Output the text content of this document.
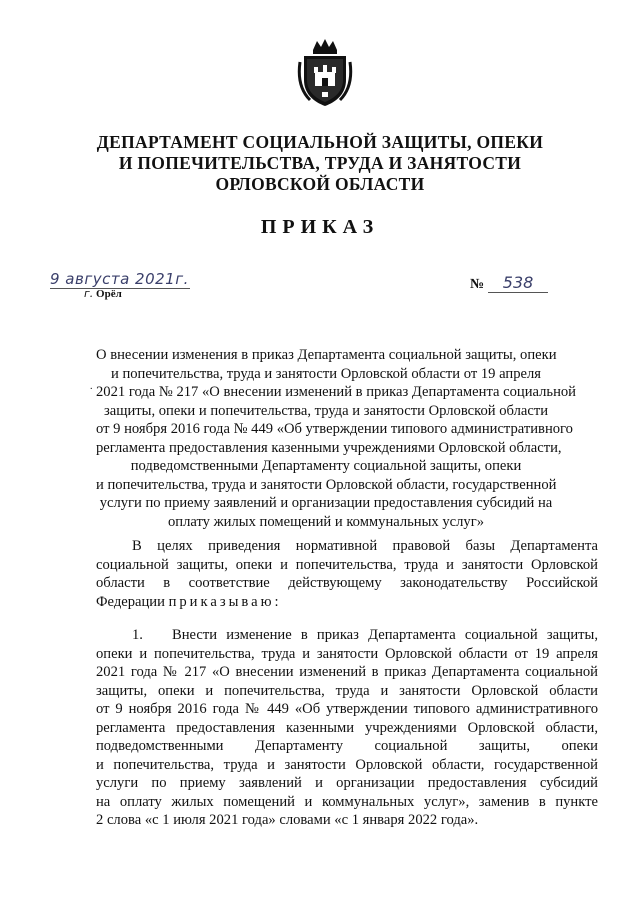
ДЕПАРТАМЕНТ СОЦИАЛЬНОЙ ЗАЩИТЫ, ОПЕКИ
И ПОПЕЧИТЕЛЬСТВА, ТРУДА И ЗАНЯТОСТИ
ОРЛОВСКОЙ ОБЛАСТИ
ПРИКАЗ
9 августа 2021г.
г. Орёл
№ 538
.
О внесении изменения в приказ Департамента социальной защиты, опеки
и попечительства, труда и занятости Орловской области от 19 апреля
2021 года № 217 «О внесении изменений в приказ Департамента социальной
защиты, опеки и попечительства, труда и занятости Орловской области
от 9 ноября 2016 года № 449 «Об утверждении типового административного
регламента предоставления казенными учреждениями Орловской области,
подведомственными Департаменту социальной защиты, опеки
и попечительства, труда и занятости Орловской области, государственной
услуги по приему заявлений и организации предоставления субсидий на
оплату жилых помещений и коммунальных услуг»
В целях приведения нормативной правовой базы Департамента
социальной защиты, опеки и попечительства, труда и занятости Орловской
области в соответствие действующему законодательству Российской
Федерации приказываю:
1.	Внести изменение в приказ Департамента социальной защиты,
опеки и попечительства, труда и занятости Орловской области от 19 апреля
2021 года № 217 «О внесении изменений в приказ Департамента социальной
защиты, опеки и попечительства, труда и занятости Орловской области
от 9 ноября 2016 года № 449 «Об утверждении типового административного
регламента предоставления казенными учреждениями Орловской области,
подведомственными Департаменту социальной защиты, опеки
и попечительства, труда и занятости Орловской области, государственной
услуги по приему заявлений и организации предоставления субсидий
на оплату жилых помещений и коммунальных услуг», заменив в пункте
2 слова «с 1 июля 2021 года» словами «с 1 января 2022 года».
